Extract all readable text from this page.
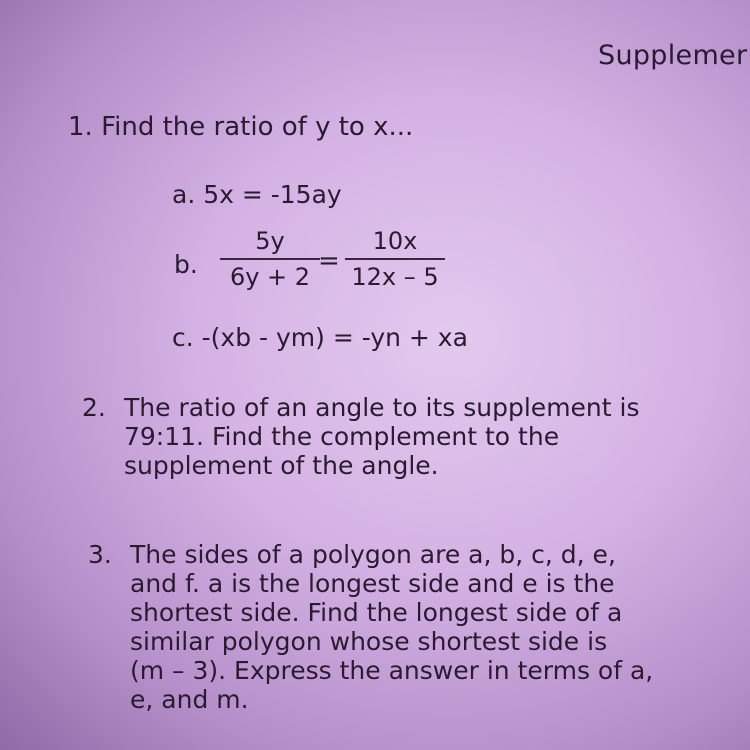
Supplemer
1. Find the ratio of y to x...
a. 5x = -15ay
b.
5y
6y + 2
=
10x
12x – 5
c. -(xb - ym) = -yn + xa
2. The ratio of an angle to its supplement is
79:11. Find the complement to the
supplement of the angle.
3. The sides of a polygon are a, b, c, d, e,
and f. a is the longest side and e is the
shortest side. Find the longest side of a
similar polygon whose shortest side is
(m – 3). Express the answer in terms of a,
e, and m.
